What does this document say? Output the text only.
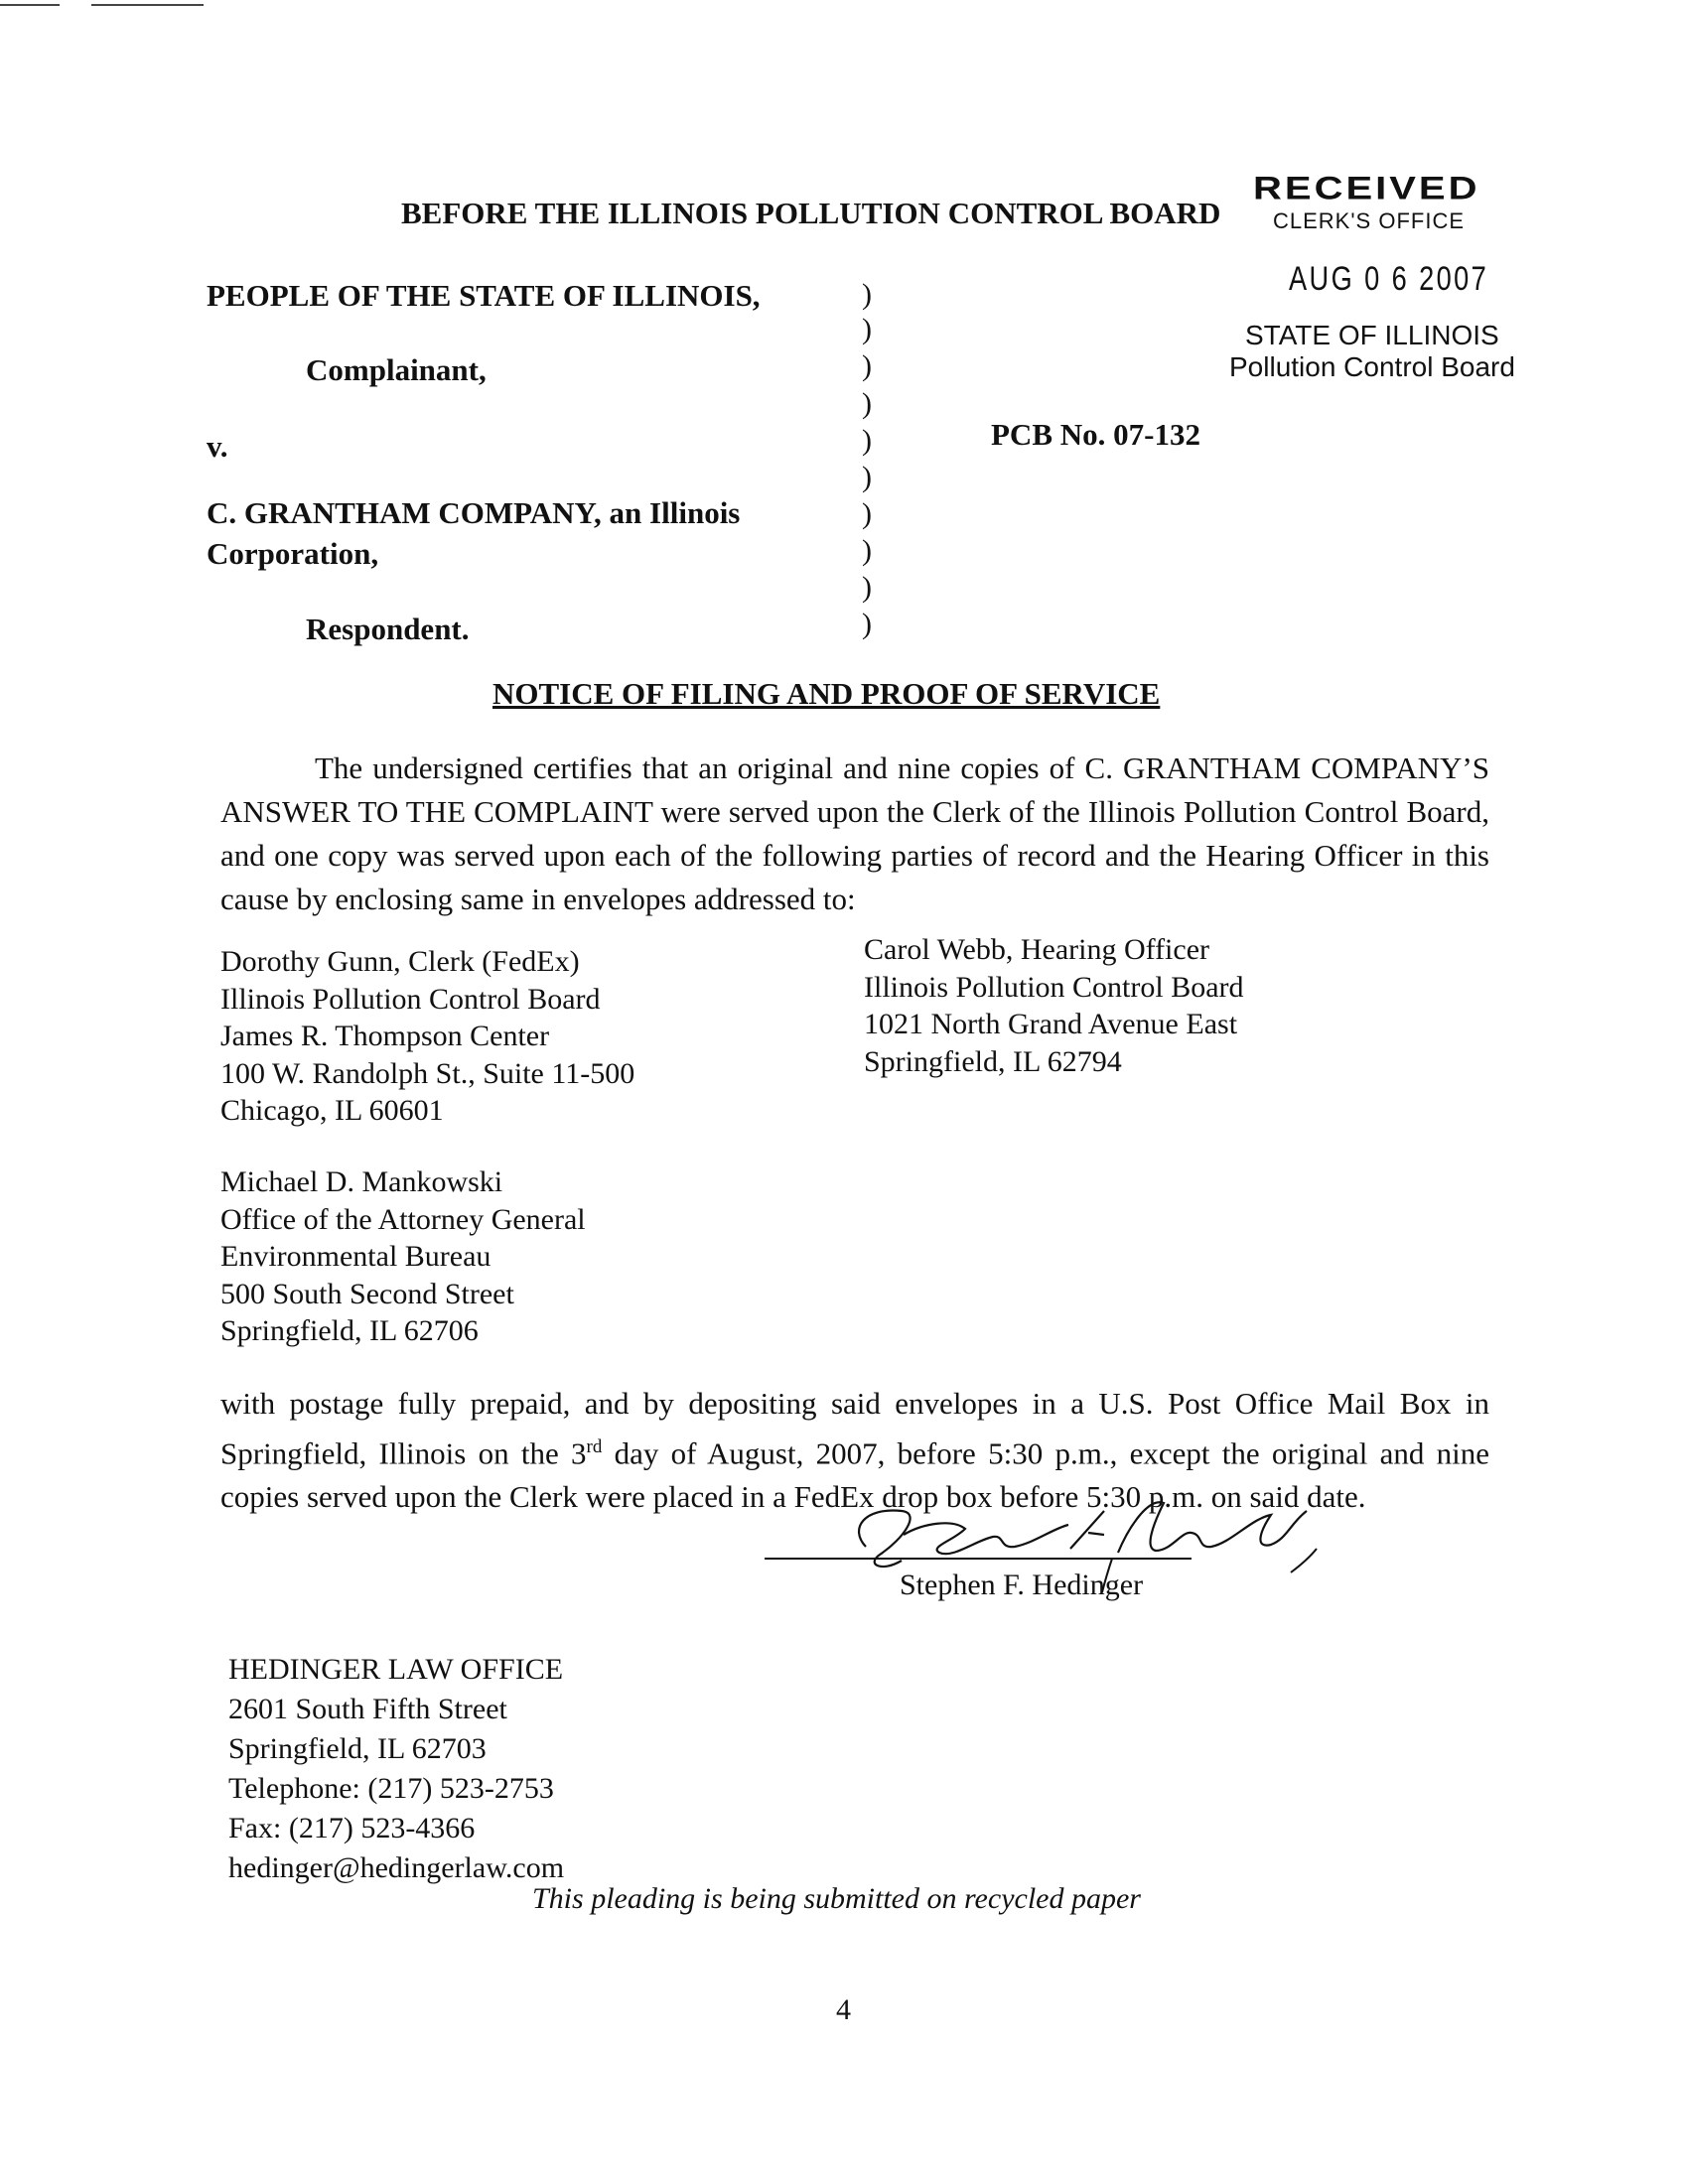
BEFORE THE ILLINOIS POLLUTION CONTROL BOARD
RECEIVED
CLERK'S OFFICE
AUG 0 6 2007
STATE OF ILLINOIS
Pollution Control Board
PEOPLE OF THE STATE OF ILLINOIS,
Complainant,
v.
C. GRANTHAM COMPANY, an Illinois
Corporation,
Respondent.
)
)
)
)
)
)
)
)
)
)
PCB No. 07-132
NOTICE OF FILING AND PROOF OF SERVICE
The undersigned certifies that an original and nine copies of C. GRANTHAM COMPANY’S ANSWER TO THE COMPLAINT were served upon the Clerk of the Illinois Pollution Control Board, and one copy was served upon each of the following parties of record and the Hearing Officer in this cause by enclosing same in envelopes addressed to:
Dorothy Gunn, Clerk (FedEx)
Illinois Pollution Control Board
James R. Thompson Center
100 W. Randolph St., Suite 11-500
Chicago, IL 60601
Carol Webb, Hearing Officer
Illinois Pollution Control Board
1021 North Grand Avenue East
Springfield, IL 62794
Michael D. Mankowski
Office of the Attorney General
Environmental Bureau
500 South Second Street
Springfield, IL 62706
with postage fully prepaid, and by depositing said envelopes in a U.S. Post Office Mail Box in Springfield, Illinois on the 3rd day of August, 2007, before 5:30 p.m., except the original and nine copies served upon the Clerk were placed in a FedEx drop box before 5:30 p.m. on said date.
Stephen F. Hedinger
HEDINGER LAW OFFICE
2601 South Fifth Street
Springfield, IL 62703
Telephone: (217) 523-2753
Fax: (217) 523-4366
hedinger@hedingerlaw.com
This pleading is being submitted on recycled paper
4
